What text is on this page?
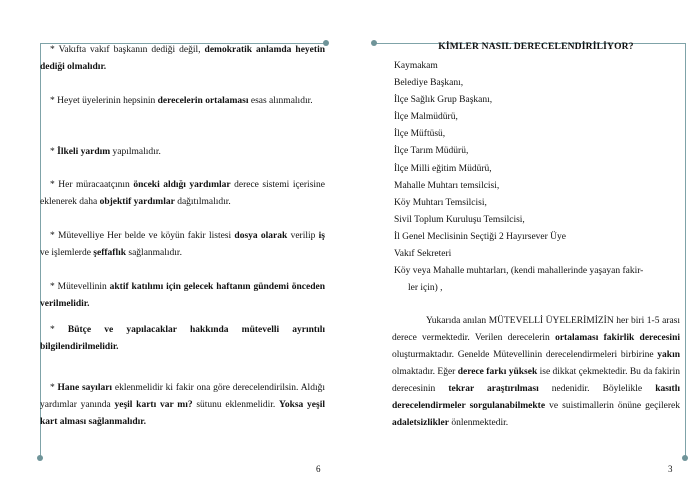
* Vakıfta vakıf başkanın dediği değil, demokratik anlamda heyetin dediği olmalıdır.
* Heyet üyelerinin hepsinin derecelerin ortalaması esas alınmalıdır.
* İlkeli yardım yapılmalıdır.
* Her müracaatçının önceki aldığı yardımlar derece sistemi içerisine eklenerek daha objektif yardımlar dağıtılmalıdır.
* Mütevelliye Her belde ve köyün fakir listesi dosya olarak verilip iş ve işlemlerde şeffaflık sağlanmalıdır.
* Mütevellinin aktif katılımı için gelecek haftanın gündemi önceden verilmelidir.
* Bütçe ve yapılacaklar hakkında mütevelli ayrıntılı bilgilendirilmelidir.
* Hane sayıları eklenmelidir ki fakir ona göre derecelendirilsin. Aldığı yardımlar yanında yeşil kartı var mı? sütunu eklenmelidir. Yoksa yeşil kart alması sağlanmalıdır.
6
KİMLER NASIL DERECELENDİRİLİYOR?
Kaymakam
Belediye Başkanı,
İlçe Sağlık Grup Başkanı,
İlçe Malmüdürü,
İlçe Müftüsü,
İlçe Tarım Müdürü,
İlçe Milli eğitim Müdürü,
Mahalle Muhtarı temsilcisi,
Köy Muhtarı Temsilcisi,
Sivil Toplum Kuruluşu Temsilcisi,
İl Genel Meclisinin Seçtiği 2 Hayırsever Üye
Vakıf Sekreteri
Köy veya Mahalle muhtarları, (kendi mahallerinde yaşayan fakir-
ler için) ,
Yukarıda anılan MÜTEVELLİ ÜYELERİMİZİN her biri 1-5 arası derece vermektedir. Verilen derecelerin ortalaması fakirlik derecesini oluşturmaktadır. Genelde Mütevellinin derecelendirmeleri birbirine yakın olmaktadır. Eğer derece farkı yüksek ise dikkat çekmektedir. Bu da fakirin derecesinin tekrar araştırılması nedenidir. Böylelikle kasıtlı derecelendirmeler sorgulanabilmekte ve suistimallerin önüne geçilerek adaletsizlikler önlenmektedir.
3
